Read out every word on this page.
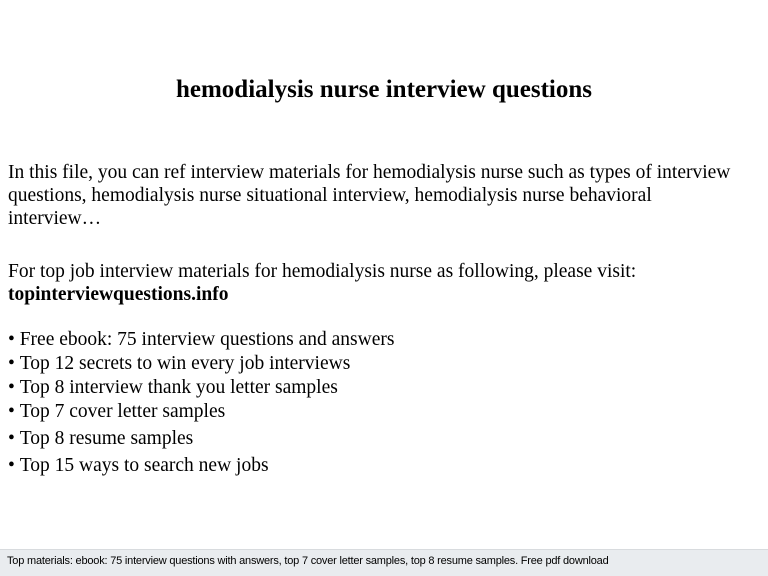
hemodialysis nurse interview questions

In this file, you can ref interview materials for hemodialysis nurse such as types of interview questions, hemodialysis nurse situational interview, hemodialysis nurse behavioral interview…

For top job interview materials for hemodialysis nurse as following, please visit:

topinterviewquestions.info

• Free ebook: 75 interview questions and answers
• Top 12 secrets to win every job interviews
• Top 8 interview thank you letter samples
• Top 7 cover letter samples
• Top 8 resume samples
• Top 15 ways to search new jobs
Top materials: ebook: 75 interview questions with answers, top 7 cover letter samples, top 8 resume samples. Free pdf download
